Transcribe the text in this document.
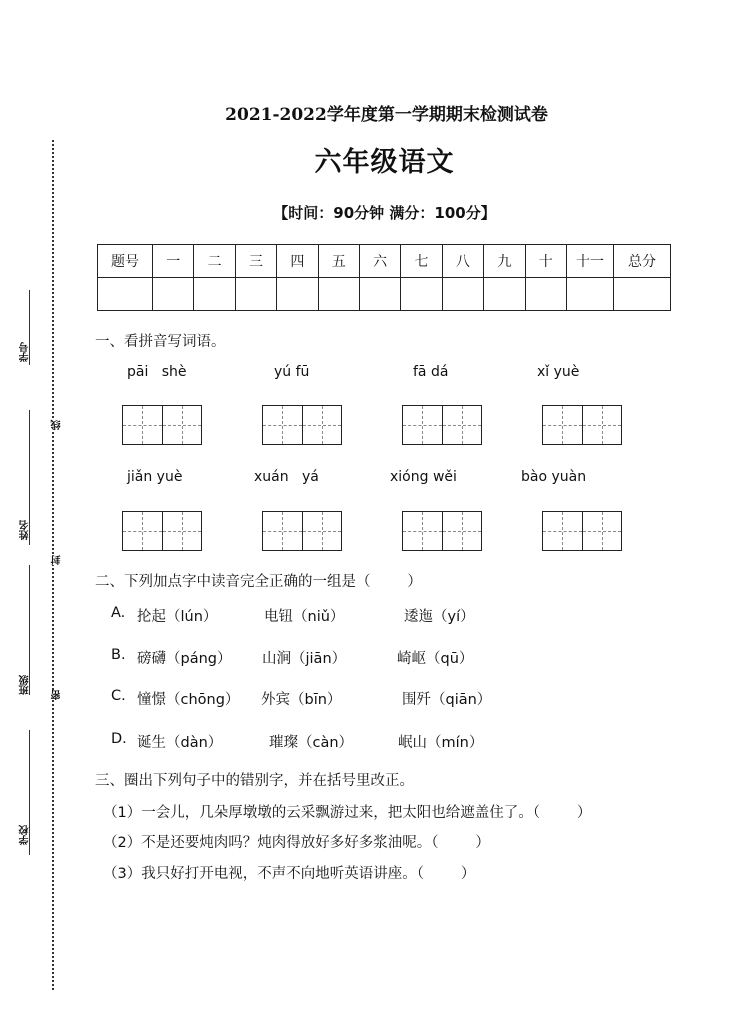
学号
姓名
班级
学校
线
封
密
2021-2022学年度第一学期期末检测试卷
六年级语文
【时间：90分钟 满分：100分】
题号	一	二	三	四	五	六	七	八	九	十	十一	总分

一、看拼音写词语。
pāi   shè	yú fū	fā dá	xǐ yuè
jiǎn yuè	xuán   yá	xióng wěi	bào yuàn
二、下列加点字中读音完全正确的一组是（        ）
A. 抡起（lún）	电钮（niǔ）	逶迤（yí）
B. 磅礴（páng） 山涧（jiān）	崎岖（qū）
C. 憧憬（chōng） 外宾（bīn）	围歼（qiān）
D. 诞生（dàn）	璀璨（càn）	岷山（mín）
三、圈出下列句子中的错别字，并在括号里改正。
（1）一会儿，几朵厚墩墩的云采飘游过来，把太阳也给遮盖住了。（        ）
（2）不是还要炖肉吗？炖肉得放好多好多浆油呢。（        ）
（3）我只好打开电视，不声不向地听英语讲座。（        ）
